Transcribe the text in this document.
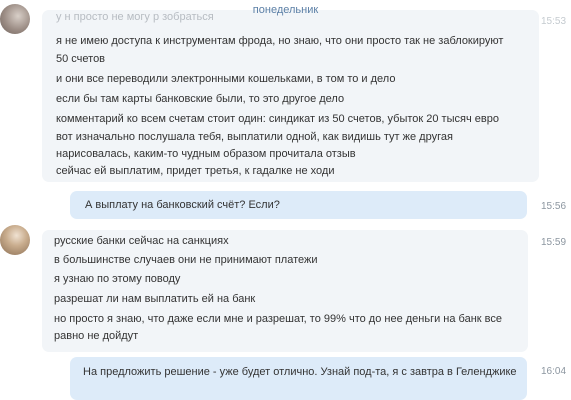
понедельник
у н просто не могу р зобраться
я не имею доступа к инструментам фрода, но знаю, что они просто так не заблокируют
50 счетов
и они все переводили электронными кошельками, в том то и дело
если бы там карты банковские были, то это другое дело
комментарий ко всем счетам стоит один: синдикат из 50 счетов, убыток 20 тысяч евро
вот изначально послушала тебя, выплатили одной, как видишь тут же другая
нарисовалась, каким-то чудным образом прочитала отзыв
сейчас ей выплатим, придет третья, к гадалке не ходи
15:53
А выплату на банковский счёт? Если?	15:56
русские банки сейчас на санкциях
в большинстве случаев они не принимают платежи
я узнаю по этому поводу
разрешат ли нам выплатить ей на банк
но просто я знаю, что даже если мне и разрешат, то 99% что до нее деньги на банк все
равно не дойдут
15:59
На предложить решение - уже будет отлично. Узнай под-та, я с завтра в Геленджике 16:04
